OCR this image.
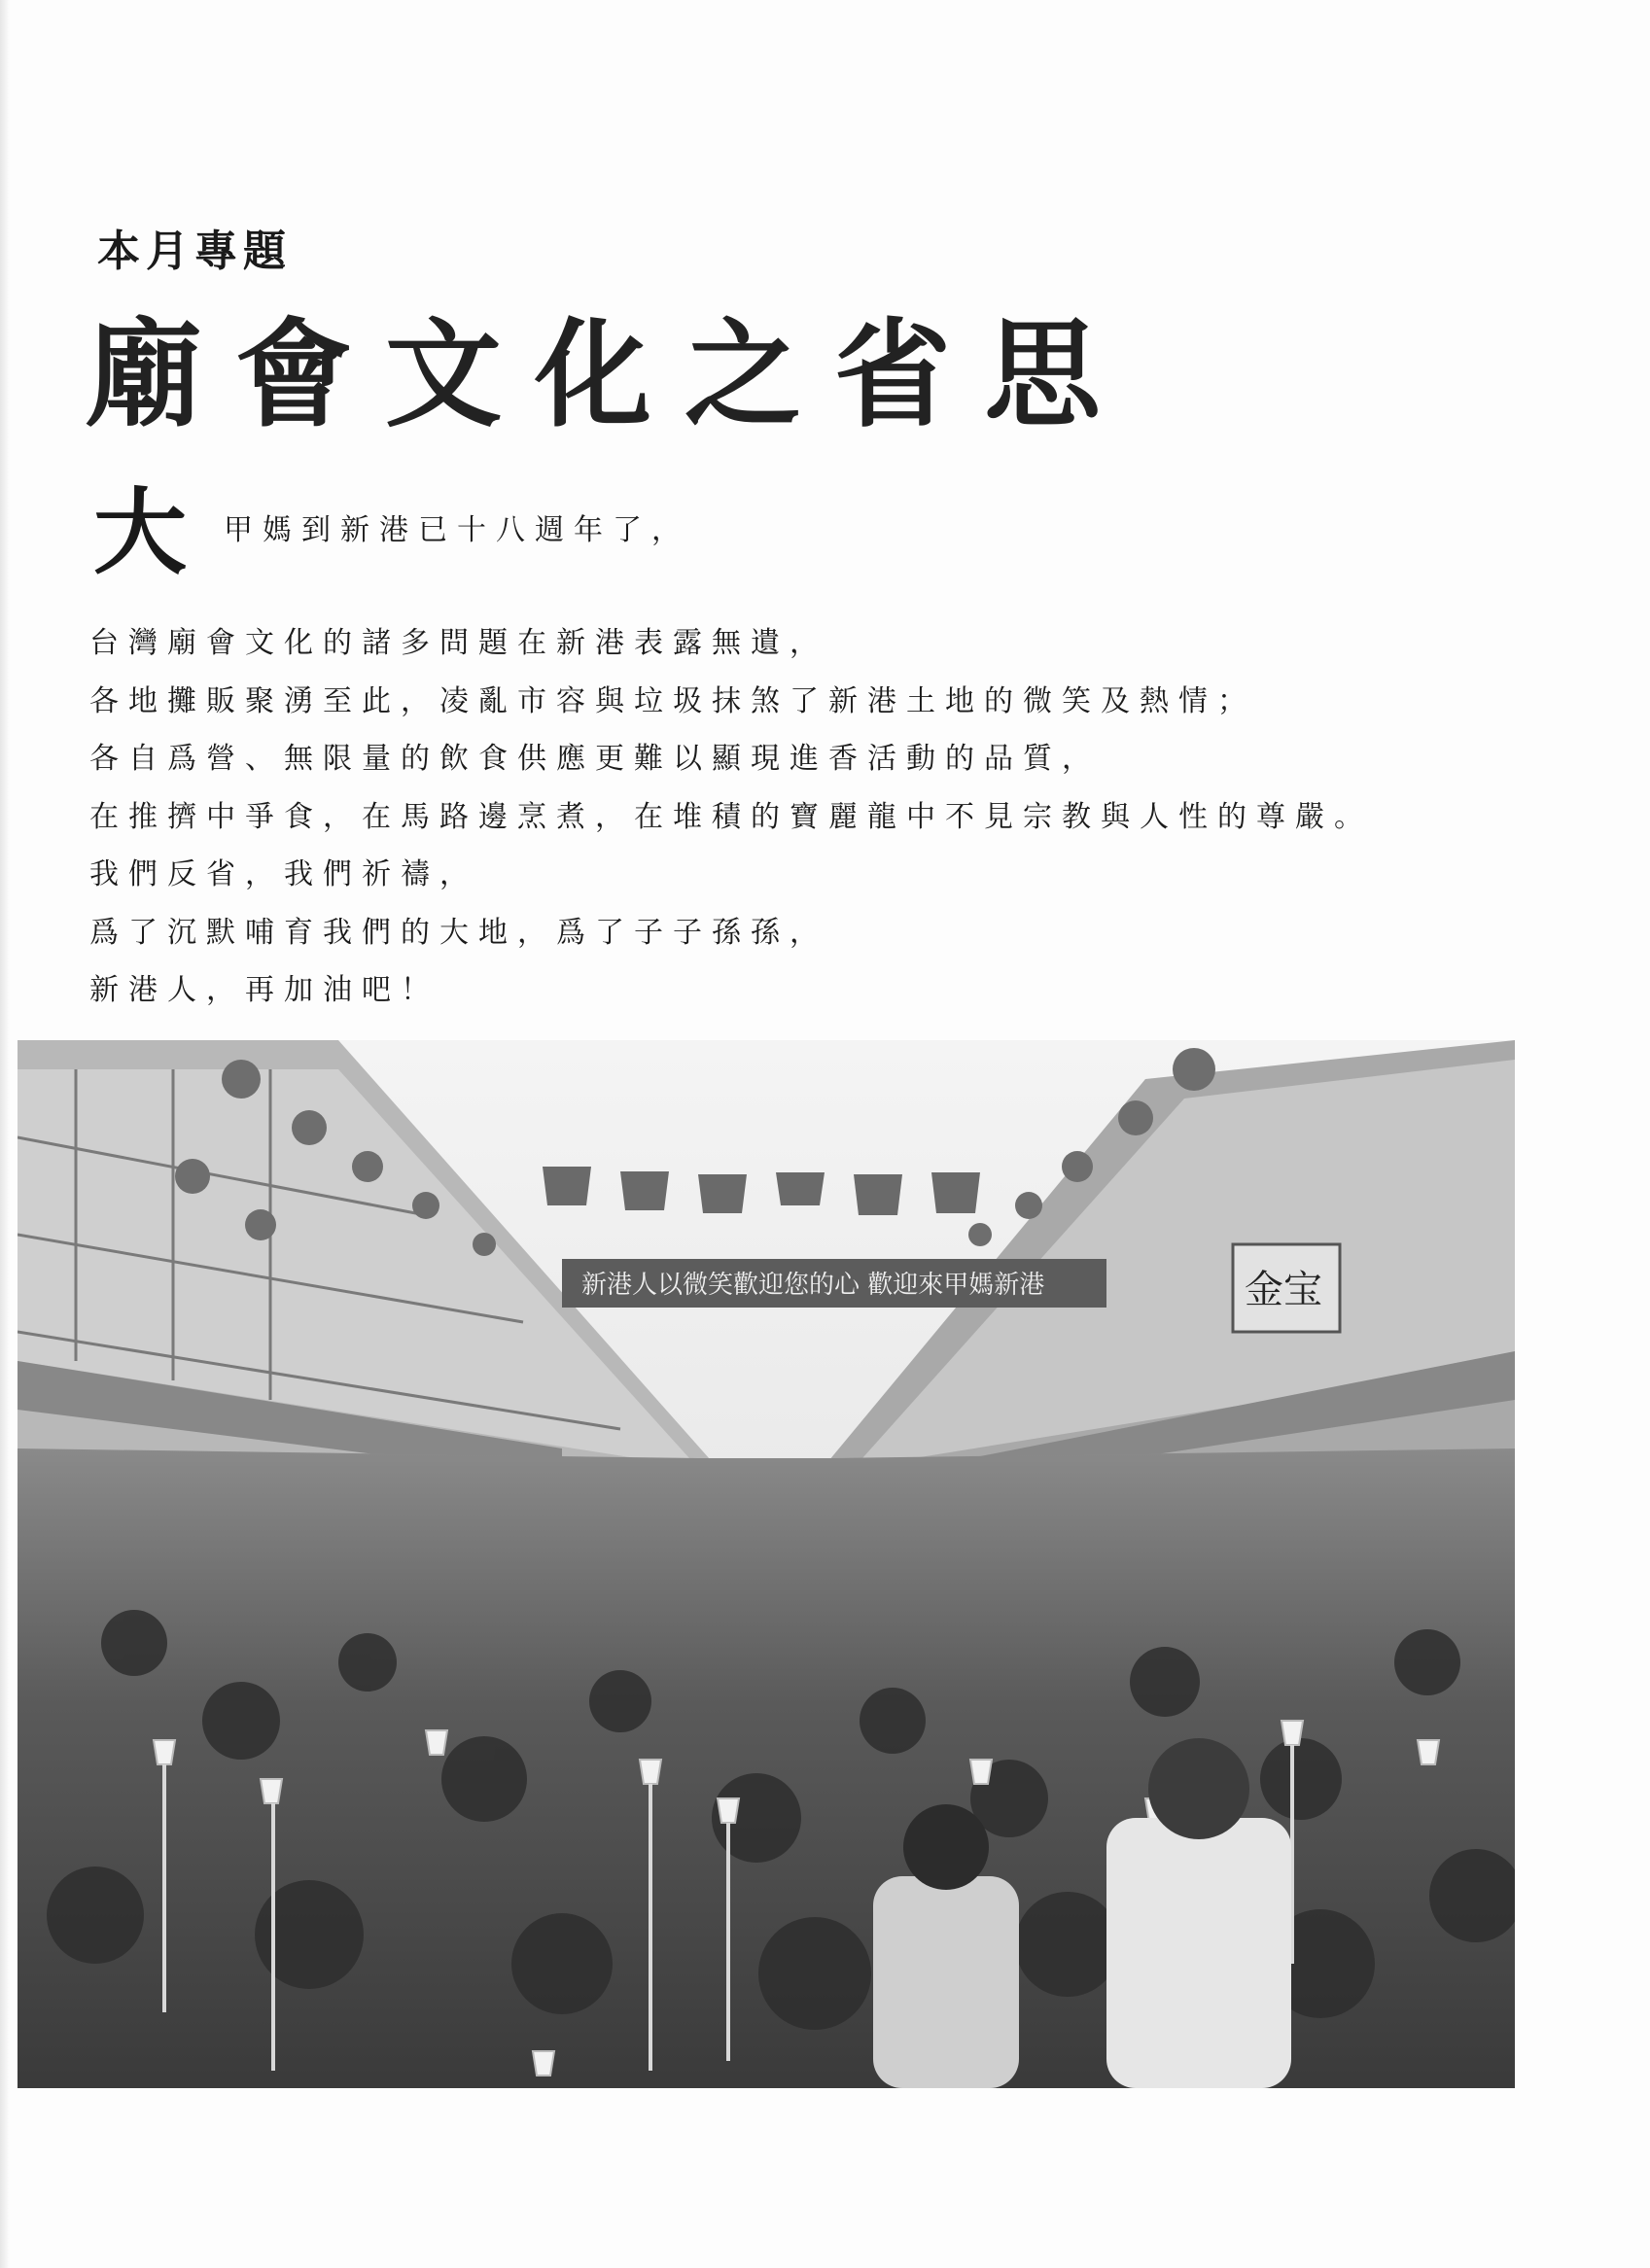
本月專題
廟會文化之省思
大 甲媽到新港已十八週年了，
台灣廟會文化的諸多問題在新港表露無遺，
各地攤販聚湧至此，凌亂市容與垃圾抹煞了新港土地的微笑及熱情；
各自爲營、無限量的飲食供應更難以顯現進香活動的品質，
在推擠中爭食，在馬路邊烹煮，在堆積的寶麗龍中不見宗教與人性的尊嚴。
我們反省，我們祈禱，
爲了沉默哺育我們的大地，爲了子子孫孫，
新港人，再加油吧！
金宝
新港人以微笑歡迎您的心 歡迎來甲媽新港
